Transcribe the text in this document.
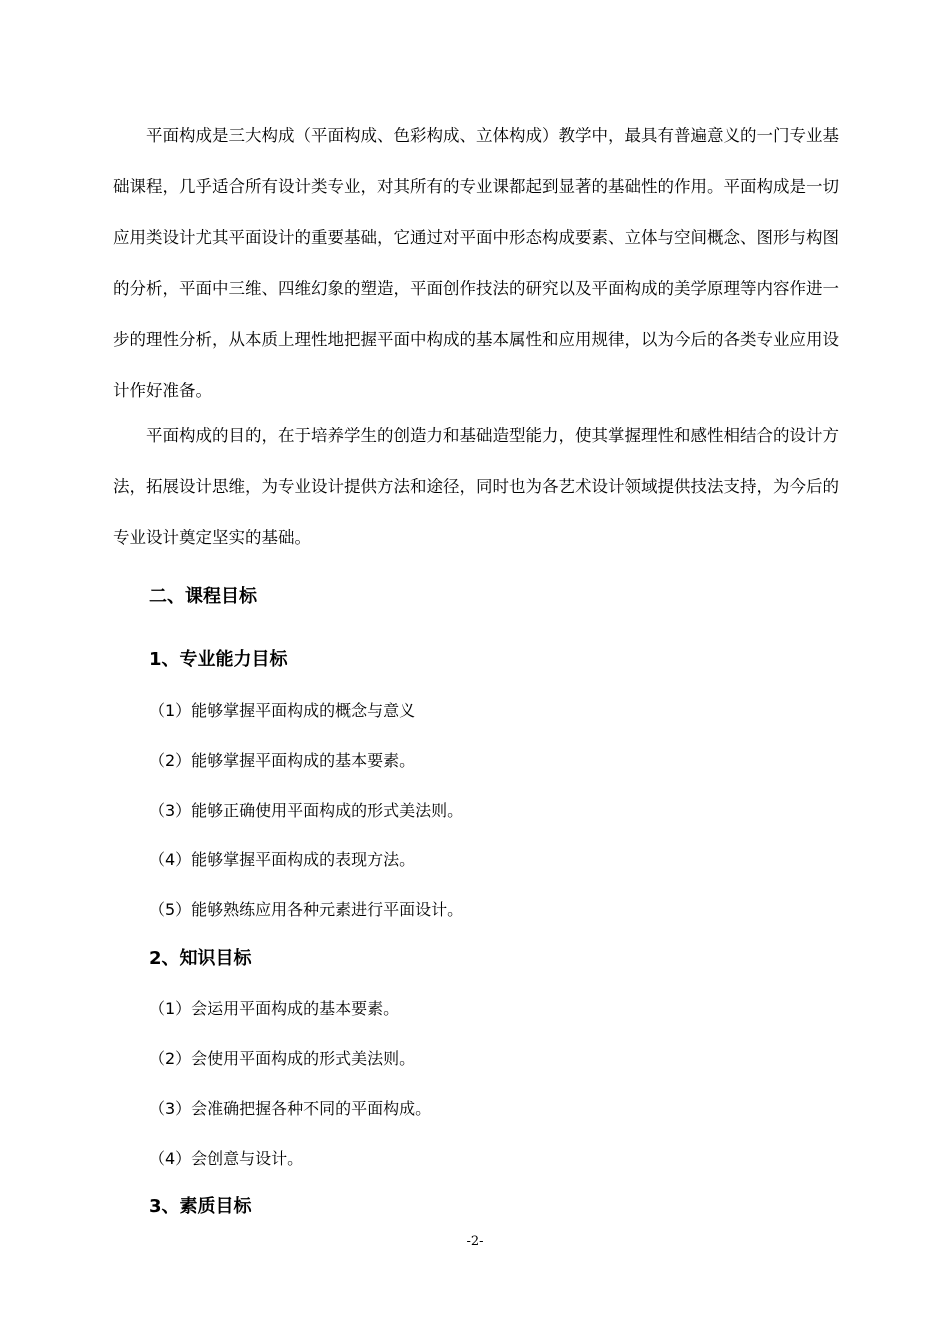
平面构成是三大构成（平面构成、色彩构成、立体构成）教学中，最具有普遍意义的一门专业基础课程，几乎适合所有设计类专业，对其所有的专业课都起到显著的基础性的作用。平面构成是一切应用类设计尤其平面设计的重要基础，它通过对平面中形态构成要素、立体与空间概念、图形与构图的分析，平面中三维、四维幻象的塑造，平面创作技法的研究以及平面构成的美学原理等内容作进一步的理性分析，从本质上理性地把握平面中构成的基本属性和应用规律，以为今后的各类专业应用设计作好准备。

平面构成的目的，在于培养学生的创造力和基础造型能力，使其掌握理性和感性相结合的设计方法，拓展设计思维，为专业设计提供方法和途径，同时也为各艺术设计领域提供技法支持，为今后的专业设计奠定坚实的基础。

二、课程目标
1、专业能力目标
（1）能够掌握平面构成的概念与意义
（2）能够掌握平面构成的基本要素。
（3）能够正确使用平面构成的形式美法则。
（4）能够掌握平面构成的表现方法。
（5）能够熟练应用各种元素进行平面设计。
2、知识目标
（1）会运用平面构成的基本要素。
（2）会使用平面构成的形式美法则。
（3）会准确把握各种不同的平面构成。
（4）会创意与设计。
3、素质目标
-2-
